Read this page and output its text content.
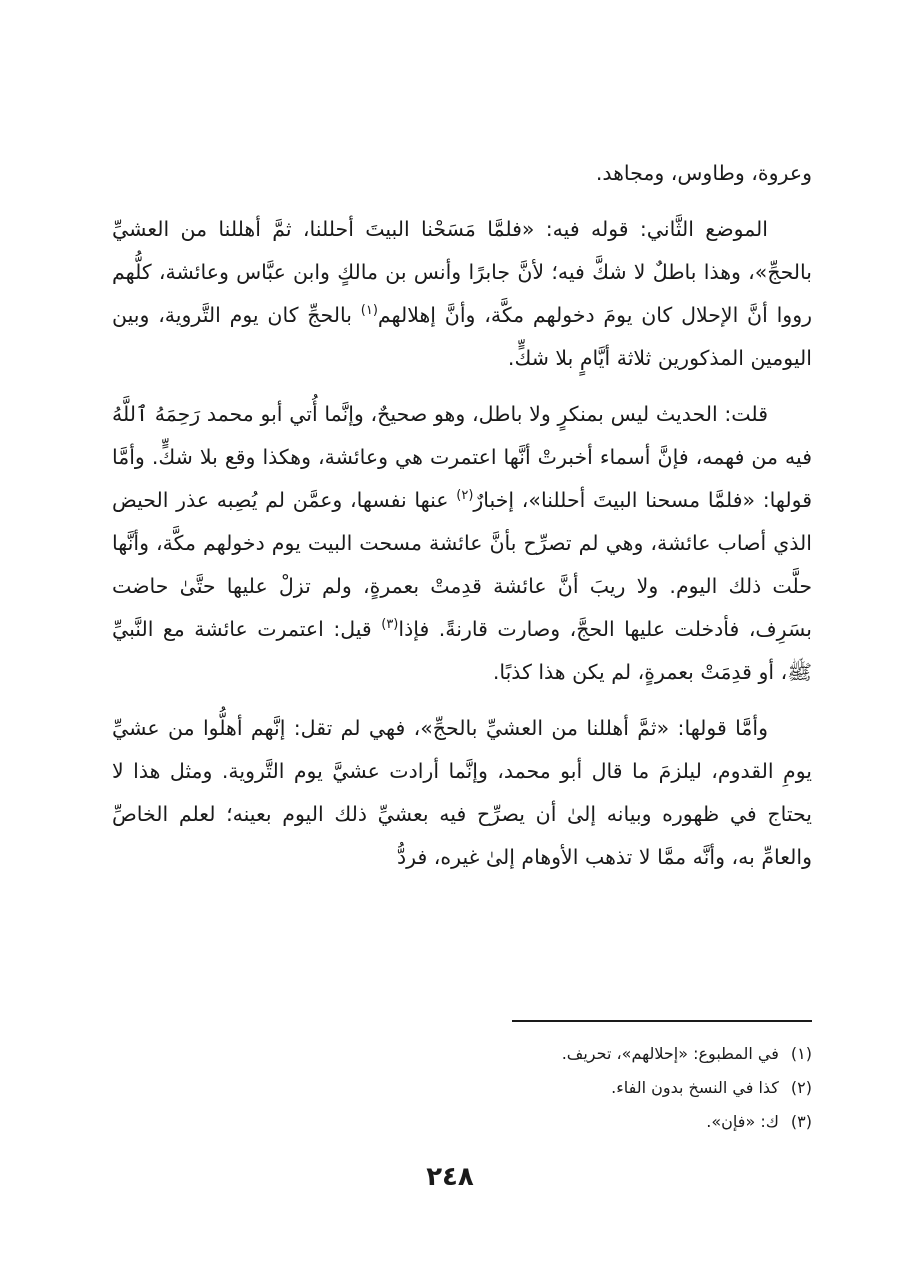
وعروة، وطاوس، ومجاهد.

الموضع الثَّاني: قوله فيه: «فلمَّا مَسَحْنا البيتَ أحللنا، ثمَّ أهللنا من العشيِّ بالحجِّ»، وهذا باطلٌ لا شكَّ فيه؛ لأنَّ جابرًا وأنس بن مالكٍ وابن عبَّاس وعائشة، كلُّهم رووا أنَّ الإحلال كان يومَ دخولهم مكَّة، وأنَّ إهلالهم$^{(١)}$ بالحجِّ كان يوم التَّروية، وبين اليومين المذكورين ثلاثة أيَّامٍ بلا شكٍّ.

قلت: الحديث ليس بمنكرٍ ولا باطل، وهو صحيحٌ، وإنَّما أُتي أبو محمد رَحِمَهُ ٱللَّهُ فيه من فهمه، فإنَّ أسماء أخبرتْ أنَّها اعتمرت هي وعائشة، وهكذا وقع بلا شكٍّ. وأمَّا قولها: «فلمَّا مسحنا البيتَ أحللنا»، إخبارٌ$^{(٢)}$ عنها نفسها، وعمَّن لم يُصِبه عذر الحيض الذي أصاب عائشة، وهي لم تصرِّح بأنَّ عائشة مسحت البيت يوم دخولهم مكَّة، وأنَّها حلَّت ذلك اليوم. ولا ريبَ أنَّ عائشة قدِمتْ بعمرةٍ، ولم تزلْ عليها حتَّىٰ حاضت بسَرِف، فأدخلت عليها الحجَّ، وصارت قارنةً. فإذا$^{(٣)}$ قيل: اعتمرت عائشة مع النَّبيِّ ﷺ، أو قدِمَتْ بعمرةٍ، لم يكن هذا كذبًا.

وأمَّا قولها: «ثمَّ أهللنا من العشيِّ بالحجِّ»، فهي لم تقل: إنَّهم أهلُّوا من عشيِّ يومِ القدوم، ليلزمَ ما قال أبو محمد، وإنَّما أرادت عشيَّ يوم التَّروية. ومثل هذا لا يحتاج في ظهوره وبيانه إلىٰ أن يصرِّح فيه بعشيِّ ذلك اليوم بعينه؛ لعلم الخاصِّ والعامِّ به، وأنَّه ممَّا لا تذهب الأوهام إلىٰ غيره، فردُّ

(١)في المطبوع: «إحلالهم»، تحريف.
(٢)كذا في النسخ بدون الفاء.
(٣)ك: «فإن».
٢٤٨
